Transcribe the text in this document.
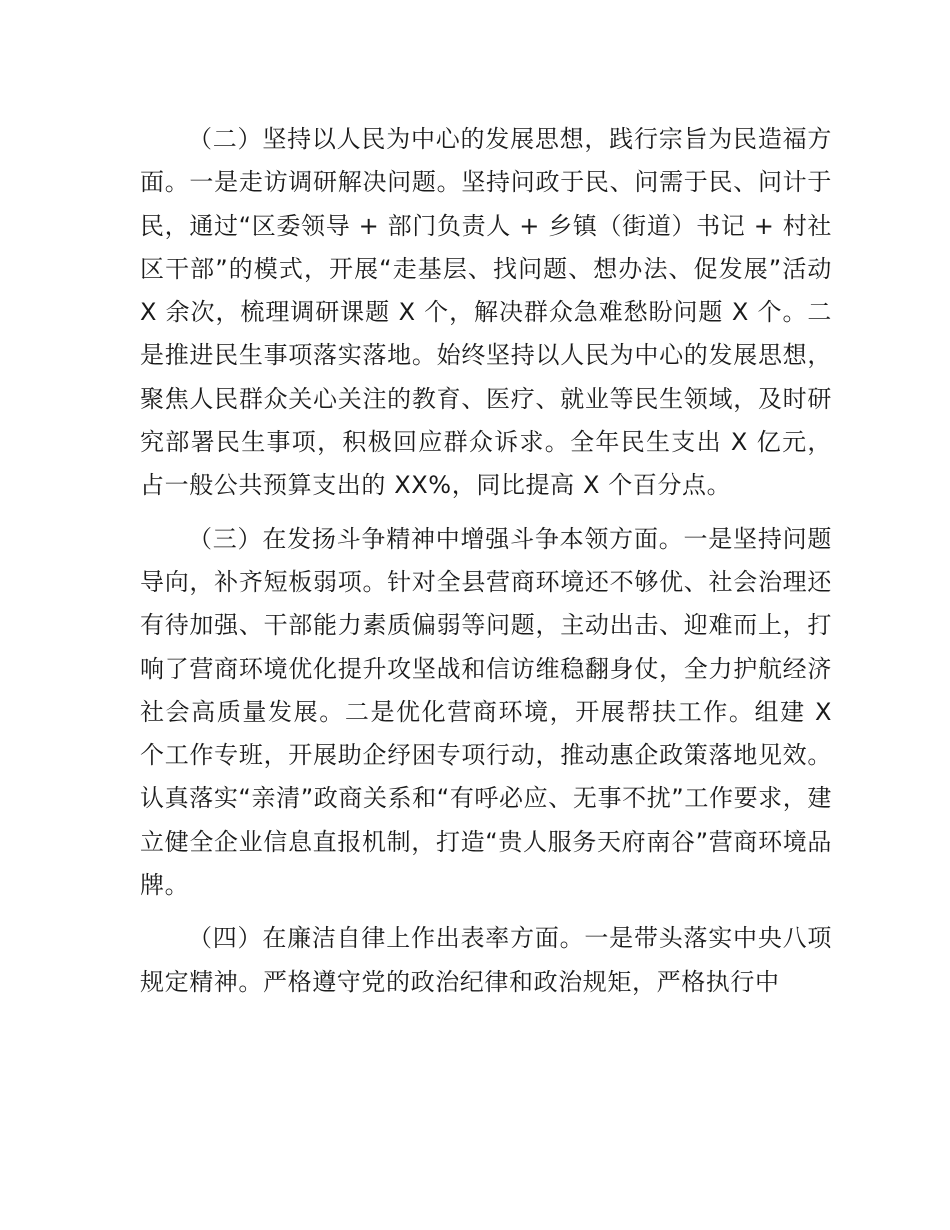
（二）坚持以人民为中心的发展思想，践行宗旨为民造福方面。一是走访调研解决问题。坚持问政于民、问需于民、问计于民，通过“区委领导 + 部门负责人 + 乡镇（街道）书记 + 村社区干部”的模式，开展“走基层、找问题、想办法、促发展”活动 X 余次，梳理调研课题 X 个，解决群众急难愁盼问题 X 个。二是推进民生事项落实落地。始终坚持以人民为中心的发展思想，聚焦人民群众关心关注的教育、医疗、就业等民生领域，及时研究部署民生事项，积极回应群众诉求。全年民生支出 X 亿元，占一般公共预算支出的 XX%，同比提高 X 个百分点。

（三）在发扬斗争精神中增强斗争本领方面。一是坚持问题导向，补齐短板弱项。针对全县营商环境还不够优、社会治理还有待加强、干部能力素质偏弱等问题，主动出击、迎难而上，打响了营商环境优化提升攻坚战和信访维稳翻身仗，全力护航经济社会高质量发展。二是优化营商环境，开展帮扶工作。组建 X 个工作专班，开展助企纾困专项行动，推动惠企政策落地见效。认真落实“亲清”政商关系和“有呼必应、无事不扰”工作要求，建立健全企业信息直报机制，打造“贵人服务天府南谷”营商环境品牌。

（四）在廉洁自律上作出表率方面。一是带头落实中央八项规定精神。严格遵守党的政治纪律和政治规矩，严格执行中
